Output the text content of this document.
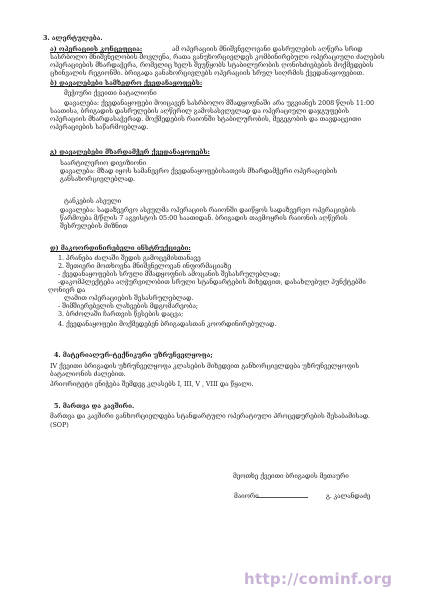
3. ალერტულება.
ა) ოპერაციის კონცეფცია:	ამ ოპერაციის მნიშვნელოვანი დასრულების აღწერა სრიდ
სასრბოლო მნიშვნელობის მოვლენა, რათა განუხორციელდეს კომბინირებული ოპერაციული ძალების
ოპერაციების მხარდაჭერა, რომელიც ხელს შეუწყობს სტაბილურობის ღონისძიებების მოქმედების
ცხინვალის რეგიონში. ბრიგადა განახორციელებს ოპერაციის სრულ სიღრმის ქვედანაყოფებით.
ბ) დავალებები სამხედრო ქვედანაყოფებს:
მეჭიური ქვეითი ბატალიონი
დავალება: ქვედანაყოფები მოიცავენ სასრბოლო მშადყოფნაში არა უგვიანეს 2008 წლის 11:00
საათისა, ბრიგადის დასრულების აღწერილ გამოსასვლელად და ოპერაციული დაჯგუფების
ოპერაციის მხარდასაჭერად. მოქმედების რაიონში სტაბილურობის, მეგეგობის და თავდაცვითი
ოპერაციების საწარმოებლად.
გ) დავალებები მხარდამჭერ ქვედანაყოფებს:
საარტილერიო დივიზიონი
დავალება: მზად იყოს სამანევრო ქვედანაყოფებისათვის მხარდამჭერი ოპერაციების
განსახორციელებლად.
ტანკების ასეული
დავალება: სადაზვერვო ასეულმა ოპერაციის რაიონში დაიწყოს სადაზვერვო ოპერაციების
წარმოება მ/წლის 7 აგვისტოს 05:00 საათიდან. ბრიგადის თავმოყრის რაიონის აღწერის
შესრულების მიზნით
დ) მაკოორდინირებელი ინსტრუქციები:
1. პრანება ძალაში შედის გამოცემისთანავე
2. შეთიერი მოთხოვნა მნიშვნელოვან ინფორმაციაზე
- ქვედანაყოფების სრული მშადყოფნის ამოცანის შესასრულებლად;
-დაკომპლექტება აღჭურვილობით სრული სტანდარტების მიხედვით, დასახლებულ პუნქტებში
ღონიერ და
ლამით ოპერაციების შესასრულებლად.
- შიმშიერებელის ლახვების მდგომარეობა;
3. ბრძოლაში ჩართვის წესების დაცვა;
4. ქვედანაყოფები მოქმედებენ ბრიგადასთან კოორდინირებულად.
4. მატერიალურ-ტექნიკური უზრუნველყოფა;
IV ქვეითი ბრიგადის უზრუნველყოფა კლასების მიხედვით განხორციელდება უზრუნველყოფის
ბატალიონის ძალებით.
პრიორიტეტი ენიჭება შემდეგ კლასებს I, III, V , VIII და წყალი.
5. მართვა და კავშირი.
მართვა და კავშირი განხორციელდება სტანდარტული ოპერატიული პროცედურების შესაბამისად.
(SOP)
მეოთხე ქვეითი ბრიგადის მეთაური
მაიორი	გ. კალანდაძე
http://cominf.org
